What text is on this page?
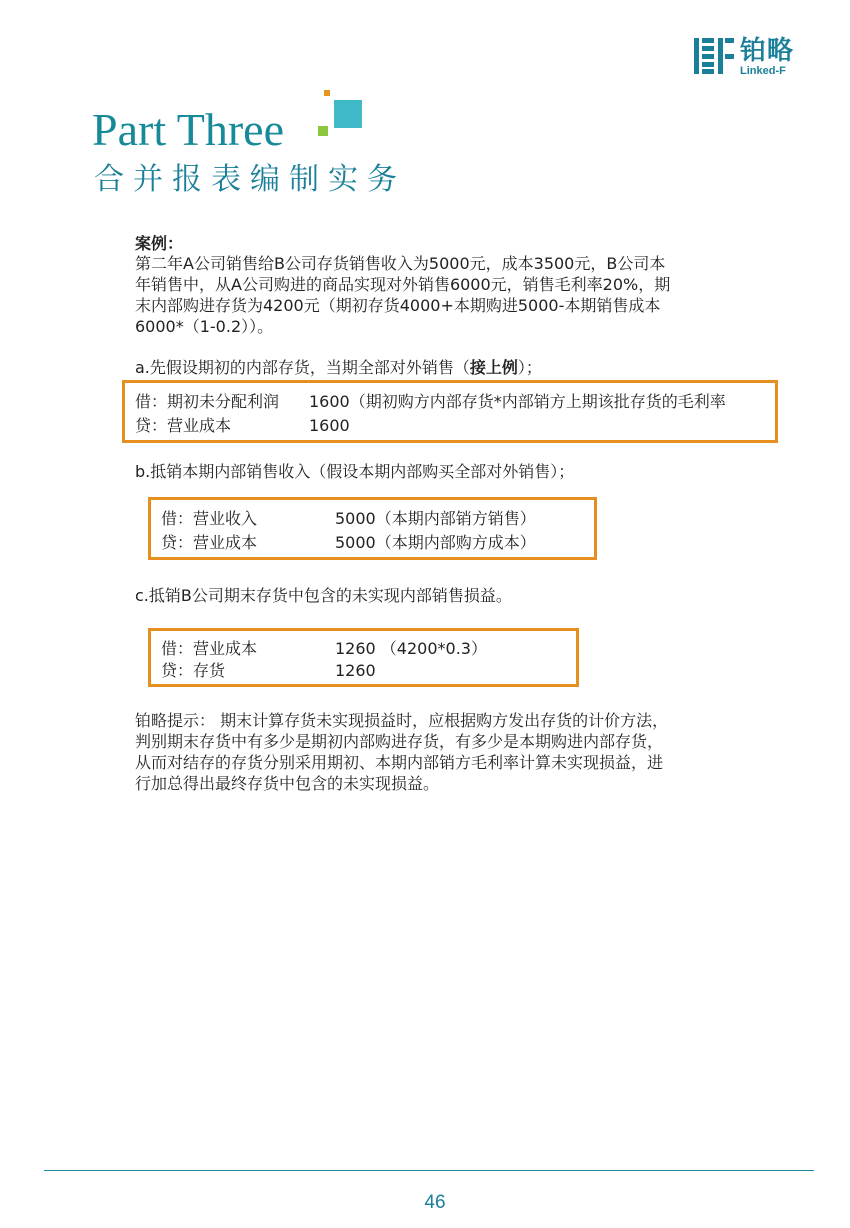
铂略
Linked-F
Part Three
合并报表编制实务
案例：
第二年A公司销售给B公司存货销售收入为5000元，成本3500元，B公司本
年销售中，从A公司购进的商品实现对外销售6000元，销售毛利率20%，期
末内部购进存货为4200元（期初存货4000+本期购进5000-本期销售成本
6000*（1-0.2））。
a.先假设期初的内部存货，当期全部对外销售（接上例）；
借：期初未分配利润 1600（期初购方内部存货*内部销方上期该批存货的毛利率
贷：营业成本	1600
b.抵销本期内部销售收入（假设本期内部购买全部对外销售）；
借：营业收入	5000（本期内部销方销售）
贷：营业成本	5000（本期内部购方成本）
c.抵销B公司期末存货中包含的未实现内部销售损益。
借：营业成本	1260 （4200*0.3）
贷：存货	1260
铂略提示： 期末计算存货未实现损益时，应根据购方发出存货的计价方法，
判别期末存货中有多少是期初内部购进存货，有多少是本期购进内部存货，
从而对结存的存货分别采用期初、本期内部销方毛利率计算未实现损益，进
行加总得出最终存货中包含的未实现损益。
46
